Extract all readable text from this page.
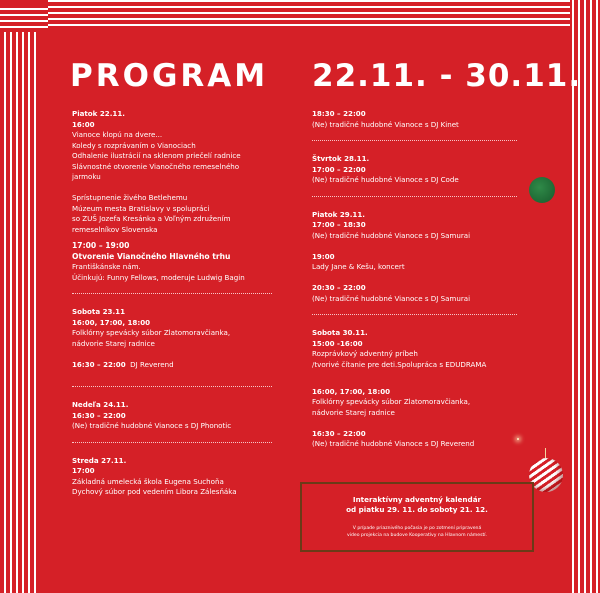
PROGRAM 22.11. - 30.11.
Piatok 22.11.
16:00
Vianoce klopú na dvere...
Koledy s rozprávaním o Vianociach
Odhalenie ilustrácií na sklenom priečelí radnice
Slávnostné otvorenie Vianočného remeselného
jarmoku
Sprístupnenie živého Betlehemu
Múzeum mesta Bratislavy v spolupráci
so ZUŠ Jozefa Kresánka a Voľným združením
remeselníkov Slovenska
17:00 – 19:00
Otvorenie Vianočného Hlavného trhu
Františkánske nám.
Účinkujú: Funny Fellows, moderuje Ludwig Bagin
Sobota 23.11
16:00, 17:00, 18:00
Folklórny spevácky súbor Zlatomoravčianka,
nádvorie Starej radnice
16:30 – 22:00 DJ Reverend
Nedeľa 24.11.
16:30 – 22:00
(Ne) tradičné hudobné Vianoce s DJ Phonotic
Streda 27.11.
17:00
Základná umelecká škola Eugena Suchoňa
Dychový súbor pod vedením Libora Zálesňáka
18:30 – 22:00
(Ne) tradičné hudobné Vianoce s DJ Kinet
Štvrtok 28.11.
17:00 – 22:00
(Ne) tradičné hudobné Vianoce s DJ Code
Piatok 29.11.
17:00 – 18:30
(Ne) tradičné hudobné Vianoce s DJ Samurai
19:00
Lady Jane & Kešu, koncert
20:30 – 22:00
(Ne) tradičné hudobné Vianoce s DJ Samurai
Sobota 30.11.
15:00 -16:00
Rozprávkový adventný príbeh
/tvorivé čítanie pre deti.Spolupráca s EDUDRAMA
16:00, 17:00, 18:00
Folklórny spevácky súbor Zlatomoravčianka,
nádvorie Starej radnice
16:30 – 22:00
(Ne) tradičné hudobné Vianoce s DJ Reverend
Interaktívny adventný kalendár
od piatku 29. 11. do soboty 21. 12.
V prípade priaznivého počasia je po zotmení pripravená
video projekcia na budove Kooperatívy na Hlavnom námestí.
